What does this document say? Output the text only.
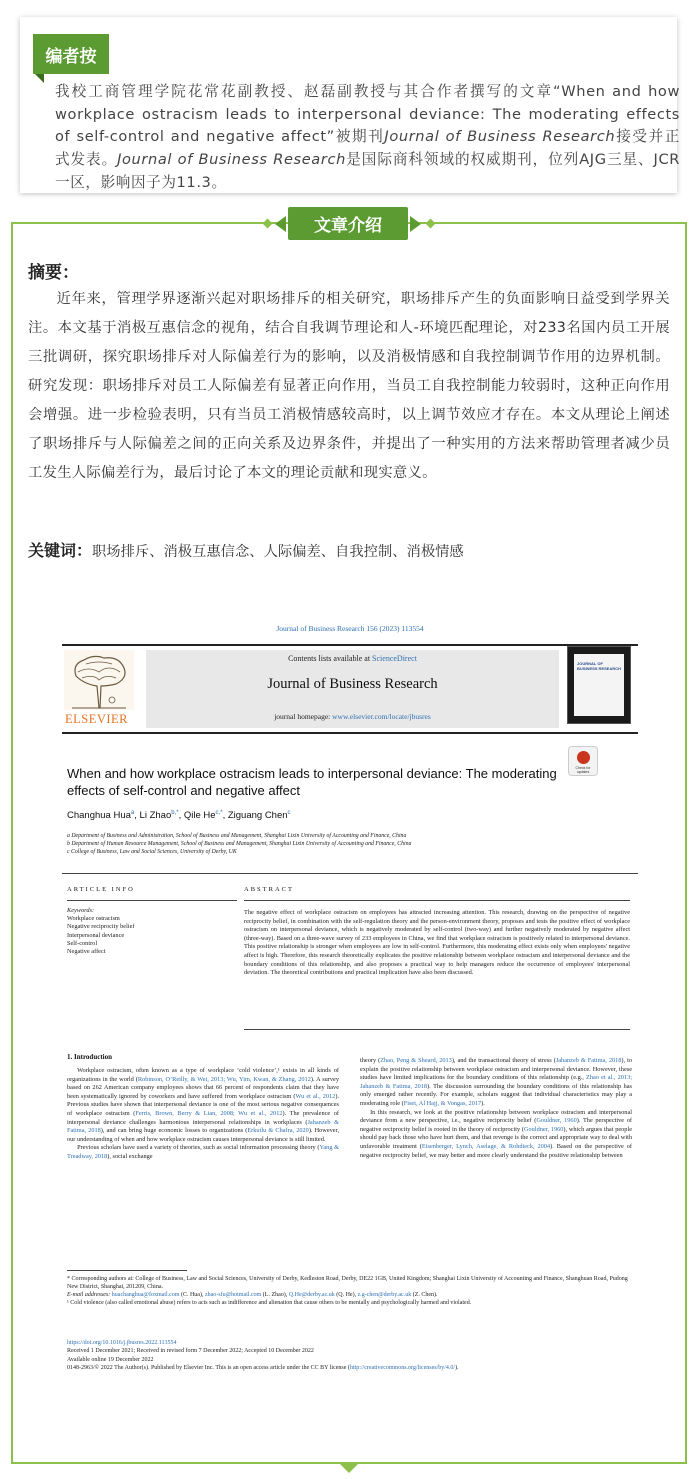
编者按
我校工商管理学院花常花副教授、赵磊副教授与其合作者撰写的文章“When and how workplace ostracism leads to interpersonal deviance: The moderating effects of self-control and negative affect”被期刊Journal of Business Research接受并正式发表。Journal of Business Research是国际商科领域的权威期刊，位列AJG三星、JCR一区，影响因子为11.3。
文章介绍
摘要：
近年来，管理学界逐渐兴起对职场排斥的相关研究，职场排斥产生的负面影响日益受到学界关注。本文基于消极互惠信念的视角，结合自我调节理论和人-环境匹配理论，对233名国内员工开展三批调研，探究职场排斥对人际偏差行为的影响，以及消极情感和自我控制调节作用的边界机制。研究发现：职场排斥对员工人际偏差有显著正向作用，当员工自我控制能力较弱时，这种正向作用会增强。进一步检验表明，只有当员工消极情感较高时，以上调节效应才存在。本文从理论上阐述了职场排斥与人际偏差之间的正向关系及边界条件，并提出了一种实用的方法来帮助管理者减少员工发生人际偏差行为，最后讨论了本文的理论贡献和现实意义。
关键词：职场排斥、消极互惠信念、人际偏差、自我控制、消极情感
Journal of Business Research 156 (2023) 113554
ELSEVIER
Contents lists available at ScienceDirect
Journal of Business Research
journal homepage: www.elsevier.com/locate/jbusres
JOURNAL OF BUSINESS RESEARCH
When and how workplace ostracism leads to interpersonal deviance: The moderating effects of self-control and negative affect
Check for updates
Changhua Hua$^a$, Li Zhao$^{b,*}$, Qile $He^{c,*}$, Ziguang Chen$^c$
a Department of Business and Administration, School of Business and Management, Shanghai Lixin University of Accounting and Finance, China
b Department of Human Resource Management, School of Business and Management, Shanghai Lixin University of Accounting and Finance, China
c College of Business, Law and Social Sciences, University of Derby, UK
ARTICLE INFO	ABSTRACT
Keywords:
Workplace ostracism
Negative reciprocity belief
Interpersonal deviance
Self-control
Negative affect
The negative effect of workplace ostracism on employees has attracted increasing attention. This research, drawing on the perspective of negative reciprocity belief, in combination with the self-regulation theory and the person-environment theory, proposes and tests the positive effect of workplace ostracism on interpersonal deviance, which is negatively moderated by self-control (two-way) and further negatively moderated by negative affect (three-way). Based on a three-wave survey of 233 employees in China, we find that workplace ostracism is positively related to interpersonal deviance. This positive relationship is stronger when employees are low in self-control. Furthermore, this moderating effect exists only when employees' negative affect is high. Therefore, this research theoretically explicates the positive relationship between workplace ostracism and interpersonal deviance and the boundary conditions of this relationship, and also proposes a practical way to help managers reduce the occurrence of employees' interpersonal deviation. The theoretical contributions and practical implication have also been discussed.
1. Introduction

Workplace ostracism, often known as a type of workplace ‘cold violence’,¹ exists in all kinds of organizations in the world (Robinson, O’Reilly, & Wei, 2013; Wu, Yim, Kwan, & Zhang, 2012). A survey based on 262 American company employees shows that 66 percent of respondents claim that they have been systematically ignored by coworkers and have suffered from workplace ostracism (Wu et al., 2012). Previous studies have shown that interpersonal deviance is one of the most serious negative consequences of workplace ostracism (Ferris, Brown, Berry & Lian, 2008; Wu et al., 2012). The prevalence of interpersonal deviance challenges harmonious interpersonal relationships in workplaces (Jahanzeb & Fatima, 2018), and can bring huge economic losses to organizations (Erkutlu & Chafra, 2020). However, our understanding of when and how workplace ostracism causes interpersonal deviance is still limited.

Previous scholars have used a variety of theories, such as social information processing theory (Yang & Treadway, 2018), social exchange

theory (Zhao, Peng & Sheard, 2013), and the transactional theory of stress (Jahanzeb & Fatima, 2018), to explain the positive relationship between workplace ostracism and interpersonal deviance. However, these studies have limited implications for the boundary conditions of this relationship (e.g., Zhao et al., 2013; Jahanzeb & Fatima, 2018). The discussion surrounding the boundary conditions of this relationship has only emerged rather recently. For example, scholars suggest that individual characteristics may play a moderating role (Fiset, Al Hajj, & Vongas, 2017).

In this research, we look at the positive relationship between workplace ostracism and interpersonal deviance from a new perspective, i.e., negative reciprocity belief (Gouldner, 1960). The perspective of negative reciprocity belief is rooted in the theory of reciprocity (Gouldner, 1960), which argues that people should pay back those who have hurt them, and that revenge is the correct and appropriate way to deal with unfavorable treatment (Eisenberger, Lynch, Aselage, & Rohdieck, 2004). Based on the perspective of negative reciprocity belief, we may better and more clearly understand the positive relationship between

* Corresponding authors at: College of Business, Law and Social Sciences, University of Derby, Kedleston Road, Derby, DE22 1GB, United Kingdom; Shanghai Lixin University of Accounting and Finance, Shanghuan Road, Pudong New District, Shanghai, 201209, China.
E-mail addresses: huachanghua@foxmail.com (C. Hua), zhao-sfu@hotmail.com (L. Zhao), Q.He@derby.ac.uk (Q. He), z.g-chen@derby.ac.uk (Z. Chen).
¹ Cold violence (also called emotional abuse) refers to acts such as indifference and alienation that cause others to be mentally and psychologically harmed and violated.
https://doi.org/10.1016/j.jbusres.2022.113554
Received 1 December 2021; Received in revised form 7 December 2022; Accepted 10 December 2022
Available online 19 December 2022
0148-2963/© 2022 The Author(s). Published by Elsevier Inc. This is an open access article under the CC BY license (http://creativecommons.org/licenses/by/4.0/).
